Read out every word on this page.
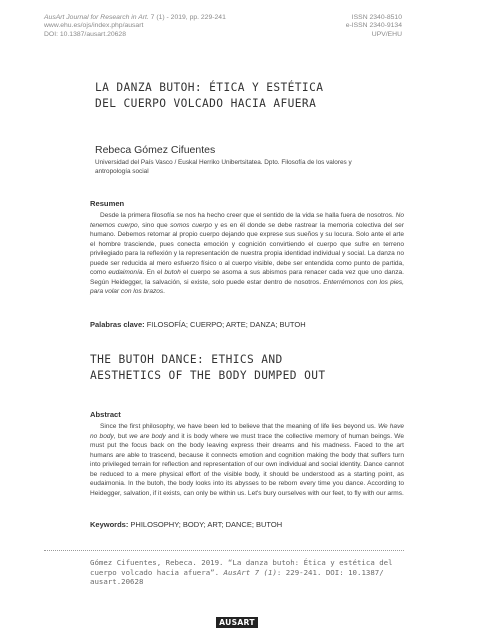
AusArt Journal for Research in Art. 7 (1) - 2019, pp. 229-241
www.ehu.es/ojs/index.php/ausart
DOI: 10.1387/ausart.20628
ISSN 2340-8510
e-ISSN 2340-9134
UPV/EHU
LA DANZA BUTOH: ÉTICA Y ESTÉTICA
DEL CUERPO VOLCADO HACIA AFUERA
Rebeca Gómez Cifuentes
Universidad del País Vasco / Euskal Herriko Unibertsitatea. Dpto. Filosofía de los valores y
antropología social
Resumen
Desde la primera filosofía se nos ha hecho creer que el sentido de la vida se halla fuera de nosotros. No tenemos cuerpo, sino que somos cuerpo y es en él donde se debe rastrear la memoria colectiva del ser humano. Debemos retornar al propio cuerpo dejando que exprese sus sueños y su locura. Solo ante el arte el hombre trasciende, pues conecta emoción y cognición convirtiendo el cuerpo que sufre en terreno privilegiado para la reflexión y la representación de nuestra propia identidad individual y social. La danza no puede ser reducida al mero esfuerzo físico o al cuerpo visible, debe ser entendida como punto de partida, como eudaimonía. En el butoh el cuerpo se asoma a sus abismos para renacer cada vez que uno danza. Según Heidegger, la salvación, si existe, solo puede estar dentro de nosotros. Enterrémonos con los pies, para volar con los brazos.
Palabras clave: FILOSOFÍA; CUERPO; ARTE; DANZA; BUTOH
THE BUTOH DANCE: ETHICS AND
AESTHETICS OF THE BODY DUMPED OUT
Abstract
Since the first philosophy, we have been led to believe that the meaning of life lies beyond us. We have no body, but we are body and it is body where we must trace the collective memory of human beings. We must put the focus back on the body leaving express their dreams and his madness. Faced to the art humans are able to trascend, because it connects emotion and cognition making the body that suffers turn into privileged terrain for reflection and representation of our own individual and social identity. Dance cannot be reduced to a mere physical effort of the visible body, it should be understood as a starting point, as eudaimonia. In the butoh, the body looks into its abysses to be reborn every time you dance. According to Heidegger, salvation, if it exists, can only be within us. Let's bury ourselves with our feet, to fly with our arms.
Keywords: PHILOSOPHY; BODY; ART; DANCE; BUTOH
Gómez Cifuentes, Rebeca. 2019. “La danza butoh: Ética y estética del
cuerpo volcado hacia afuera”. AusArt 7 (1): 229-241. DOI: 10.1387/
ausart.20628
AUSART
